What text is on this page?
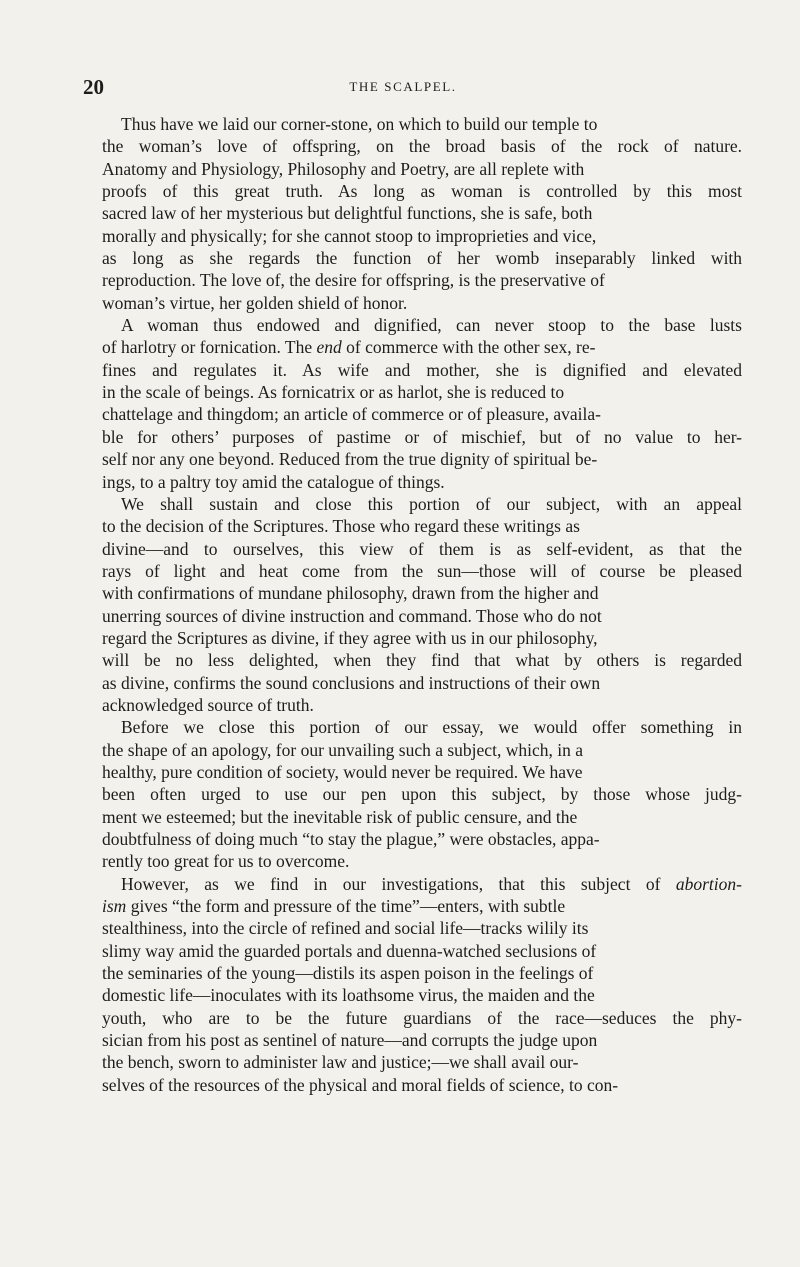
20	THE SCALPEL.

Thus have we laid our corner-stone, on which to build our temple to
the woman’s love of offspring, on the broad basis of the rock of nature.
Anatomy and Physiology, Philosophy and Poetry, are all replete with
proofs of this great truth. As long as woman is controlled by this most
sacred law of her mysterious but delightful functions, she is safe, both
morally and physically; for she cannot stoop to improprieties and vice,
as long as she regards the function of her womb inseparably linked with
reproduction. The love of, the desire for offspring, is the preservative of
woman’s virtue, her golden shield of honor.

A woman thus endowed and dignified, can never stoop to the base lusts
of harlotry or fornication. The end of commerce with the other sex, re-
fines and regulates it. As wife and mother, she is dignified and elevated
in the scale of beings. As fornicatrix or as harlot, she is reduced to
chattelage and thingdom; an article of commerce or of pleasure, availa-
ble for others’ purposes of pastime or of mischief, but of no value to her-
self nor any one beyond. Reduced from the true dignity of spiritual be-
ings, to a paltry toy amid the catalogue of things.

We shall sustain and close this portion of our subject, with an appeal
to the decision of the Scriptures. Those who regard these writings as
divine—and to ourselves, this view of them is as self-evident, as that the
rays of light and heat come from the sun—those will of course be pleased
with confirmations of mundane philosophy, drawn from the higher and
unerring sources of divine instruction and command. Those who do not
regard the Scriptures as divine, if they agree with us in our philosophy,
will be no less delighted, when they find that what by others is regarded
as divine, confirms the sound conclusions and instructions of their own
acknowledged source of truth.

Before we close this portion of our essay, we would offer something in
the shape of an apology, for our unvailing such a subject, which, in a
healthy, pure condition of society, would never be required. We have
been often urged to use our pen upon this subject, by those whose judg-
ment we esteemed; but the inevitable risk of public censure, and the
doubtfulness of doing much “to stay the plague,” were obstacles, appa-
rently too great for us to overcome.

However, as we find in our investigations, that this subject of abortion-
ism gives “the form and pressure of the time”—enters, with subtle
stealthiness, into the circle of refined and social life—tracks wilily its
slimy way amid the guarded portals and duenna-watched seclusions of
the seminaries of the young—distils its aspen poison in the feelings of
domestic life—inoculates with its loathsome virus, the maiden and the
youth, who are to be the future guardians of the race—seduces the phy-
sician from his post as sentinel of nature—and corrupts the judge upon
the bench, sworn to administer law and justice;—we shall avail our-
selves of the resources of the physical and moral fields of science, to con-
